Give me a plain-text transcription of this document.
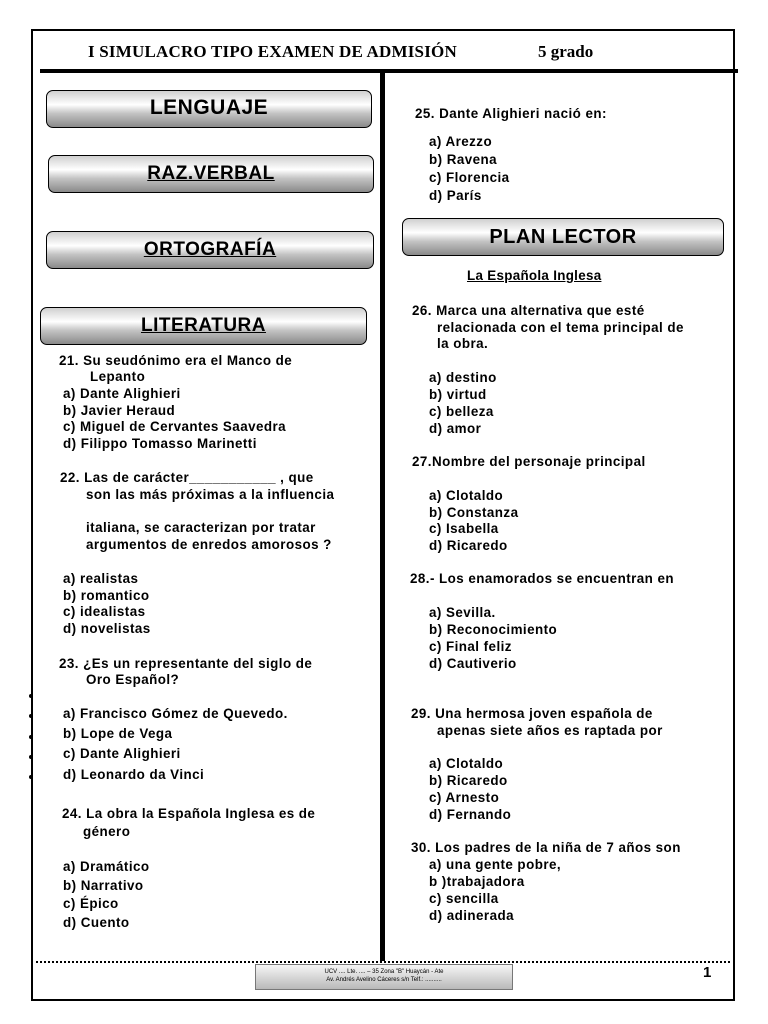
I SIMULACRO TIPO EXAMEN DE ADMISIÓN	5 grado
LENGUAJE
RAZ.VERBAL
ORTOGRAFÍA
LITERATURA
21. Su seudónimo era el Manco de
Lepanto
a) Dante Alighieri
b) Javier Heraud
c) Miguel de Cervantes Saavedra
d) Filippo Tomasso Marinetti
22. Las de carácter___________ , que
son las más próximas a la influencia
italiana, se caracterizan por tratar
argumentos de enredos amorosos ?
a) realistas
b) romantico
c) idealistas
d) novelistas
23. ¿Es un representante del siglo de
Oro Español?
a) Francisco Gómez de Quevedo.
b) Lope de Vega
c) Dante Alighieri
d) Leonardo da Vinci
24. La obra la Española Inglesa es de
género
a) Dramático
b) Narrativo
c) Épico
d) Cuento
25. Dante Alighieri nació en:
a) Arezzo
b) Ravena
c) Florencia
d) París
PLAN LECTOR
La Española Inglesa
26. Marca una alternativa que esté
relacionada con el tema principal de
la obra.
a) destino
b) virtud
c) belleza
d) amor
27.Nombre del personaje principal
a) Clotaldo
b) Constanza
c) Isabella
d) Ricaredo
28.- Los enamorados se encuentran en
a) Sevilla.
b) Reconocimiento
c) Final feliz
d) Cautiverio
29. Una hermosa joven española de
apenas siete años es raptada por
a) Clotaldo
b) Ricaredo
c) Arnesto
d) Fernando
30. Los padres de la niña de 7 años son
a) una gente pobre,
b )trabajadora
c) sencilla
d) adinerada
UCV .... Lte. .... – 35 Zona "B" Huaycán - Ate
Av. Andrés Avelino Cáceres s/n Telf.: ..........	1
